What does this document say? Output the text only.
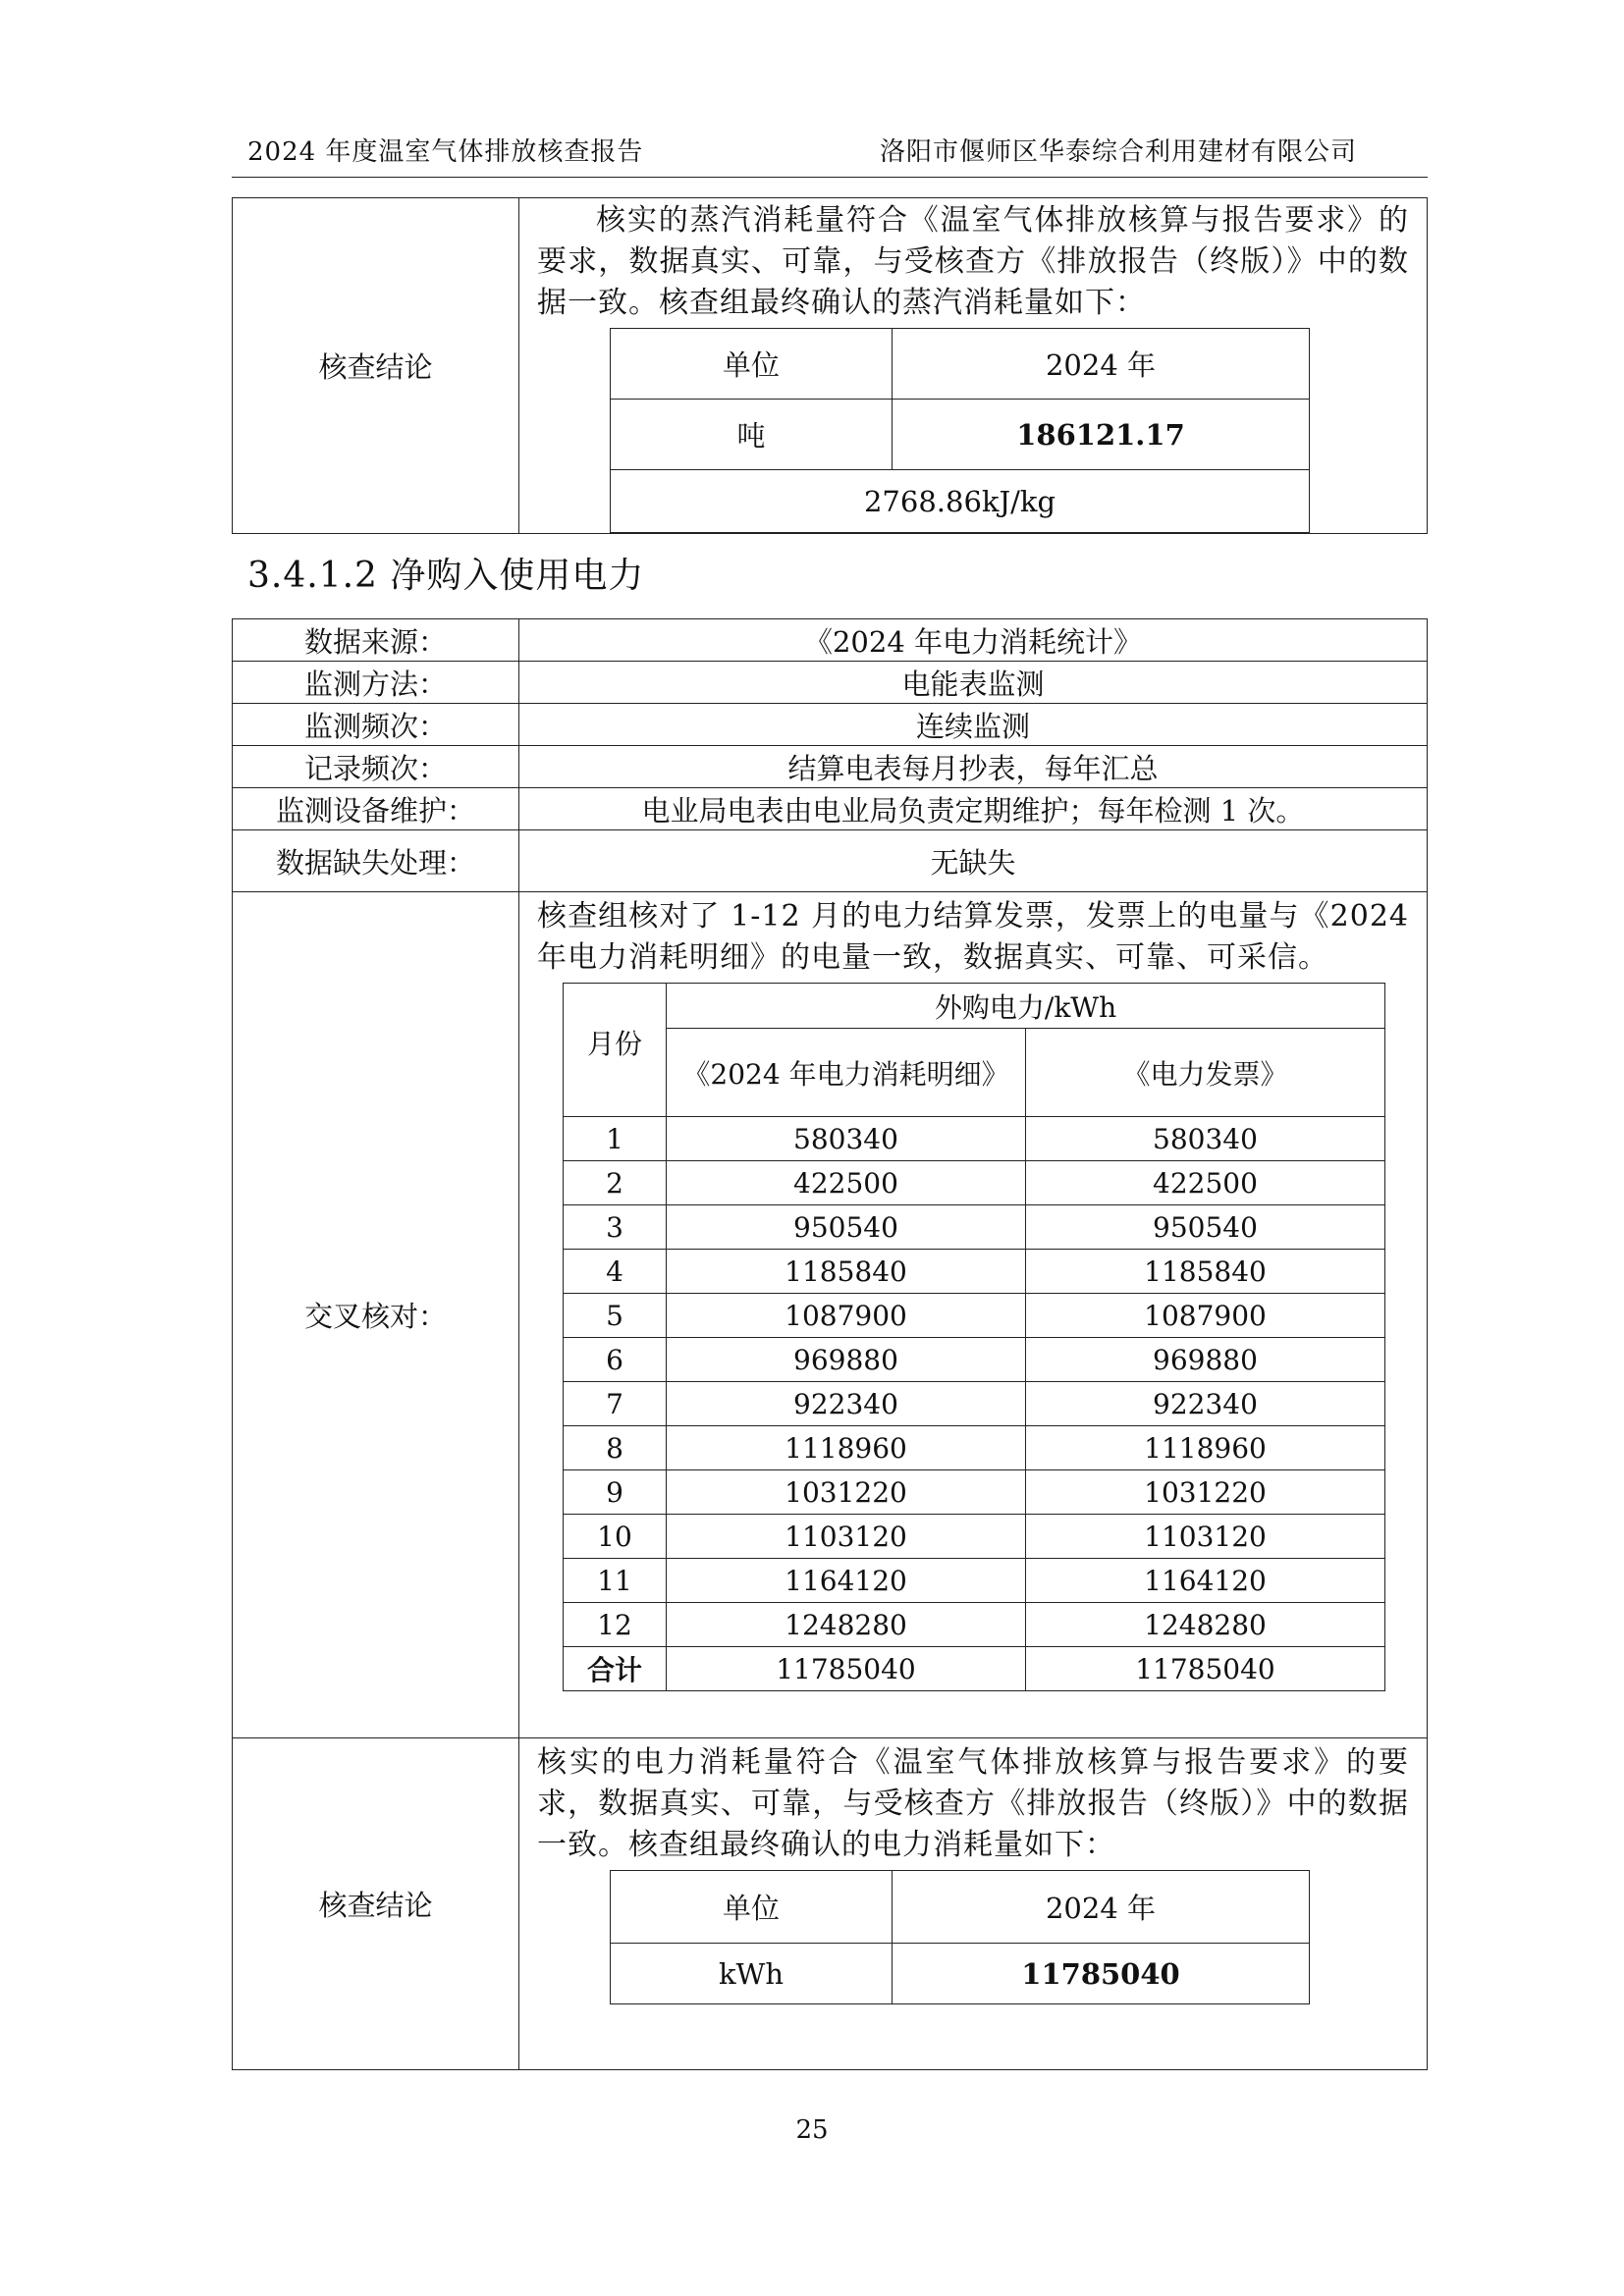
2024 年度温室气体排放核查报告	洛阳市偃师区华泰综合利用建材有限公司
核查结论	
核实的蒸汽消耗量符合《温室气体排放核算与报告要求》的要求，数据真实、可靠，与受核查方《排放报告（终版）》中的数据一致。核查组最终确认的蒸汽消耗量如下：
单位	2024 年
吨	186121.17
2768.86kJ/kg
3.4.1.2 净购入使用电力
数据来源：	《2024 年电力消耗统计》
监测方法：	电能表监测
监测频次：	连续监测
记录频次：	结算电表每月抄表，每年汇总
监测设备维护：	电业局电表由电业局负责定期维护；每年检测 1 次。
数据缺失处理：	无缺失
交叉核对：	
核查组核对了 1-12 月的电力结算发票，发票上的电量与《2024 年电力消耗明细》的电量一致，数据真实、可靠、可采信。
月份	外购电力/kWh
《2024 年电力消耗明细》	《电力发票》
1	580340	580340
2	422500	422500
3	950540	950540
4	1185840	1185840
5	1087900	1087900
6	969880	969880
7	922340	922340
8	1118960	1118960
9	1031220	1031220
10	1103120	1103120
11	1164120	1164120
12	1248280	1248280
合计	11785040	11785040

核查结论	
核实的电力消耗量符合《温室气体排放核算与报告要求》的要求，数据真实、可靠，与受核查方《排放报告（终版）》中的数据一致。核查组最终确认的电力消耗量如下：
单位	2024 年
kWh	11785040
25
